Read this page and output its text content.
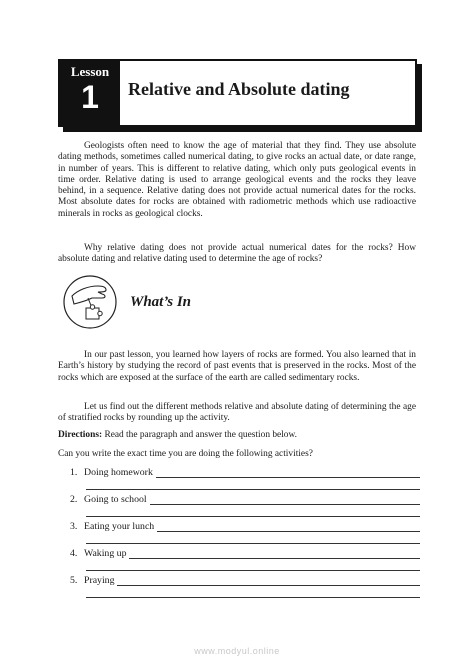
Lesson
1	Relative and Absolute dating

Geologists often need to know the age of material that they find. They use absolute dating methods, sometimes called numerical dating, to give rocks an actual date, or date range, in number of years. This is different to relative dating, which only puts geological events in time order. Relative dating is used to arrange geological events and the rocks they leave behind, in a sequence. Relative dating does not provide actual numerical dates for the rocks. Most absolute dates for rocks are obtained with radiometric methods which use radioactive minerals in rocks as geological clocks.

Why relative dating does not provide actual numerical dates for the rocks? How absolute dating and relative dating used to determine the age of rocks?

What’s In

In our past lesson, you learned how layers of rocks are formed. You also learned that in Earth’s history by studying the record of past events that is preserved in the rocks. Most of the rocks which are exposed at the surface of the earth are called sedimentary rocks.

Let us find out the different methods relative and absolute dating of determining the age of stratified rocks by rounding up the activity.

Directions: Read the paragraph and answer the question below.

Can you write the exact time you are doing the following activities?

1. Doing homework
2. Going to school
3. Eating your lunch
4. Waking up
5. Praying
www.modyul.online
